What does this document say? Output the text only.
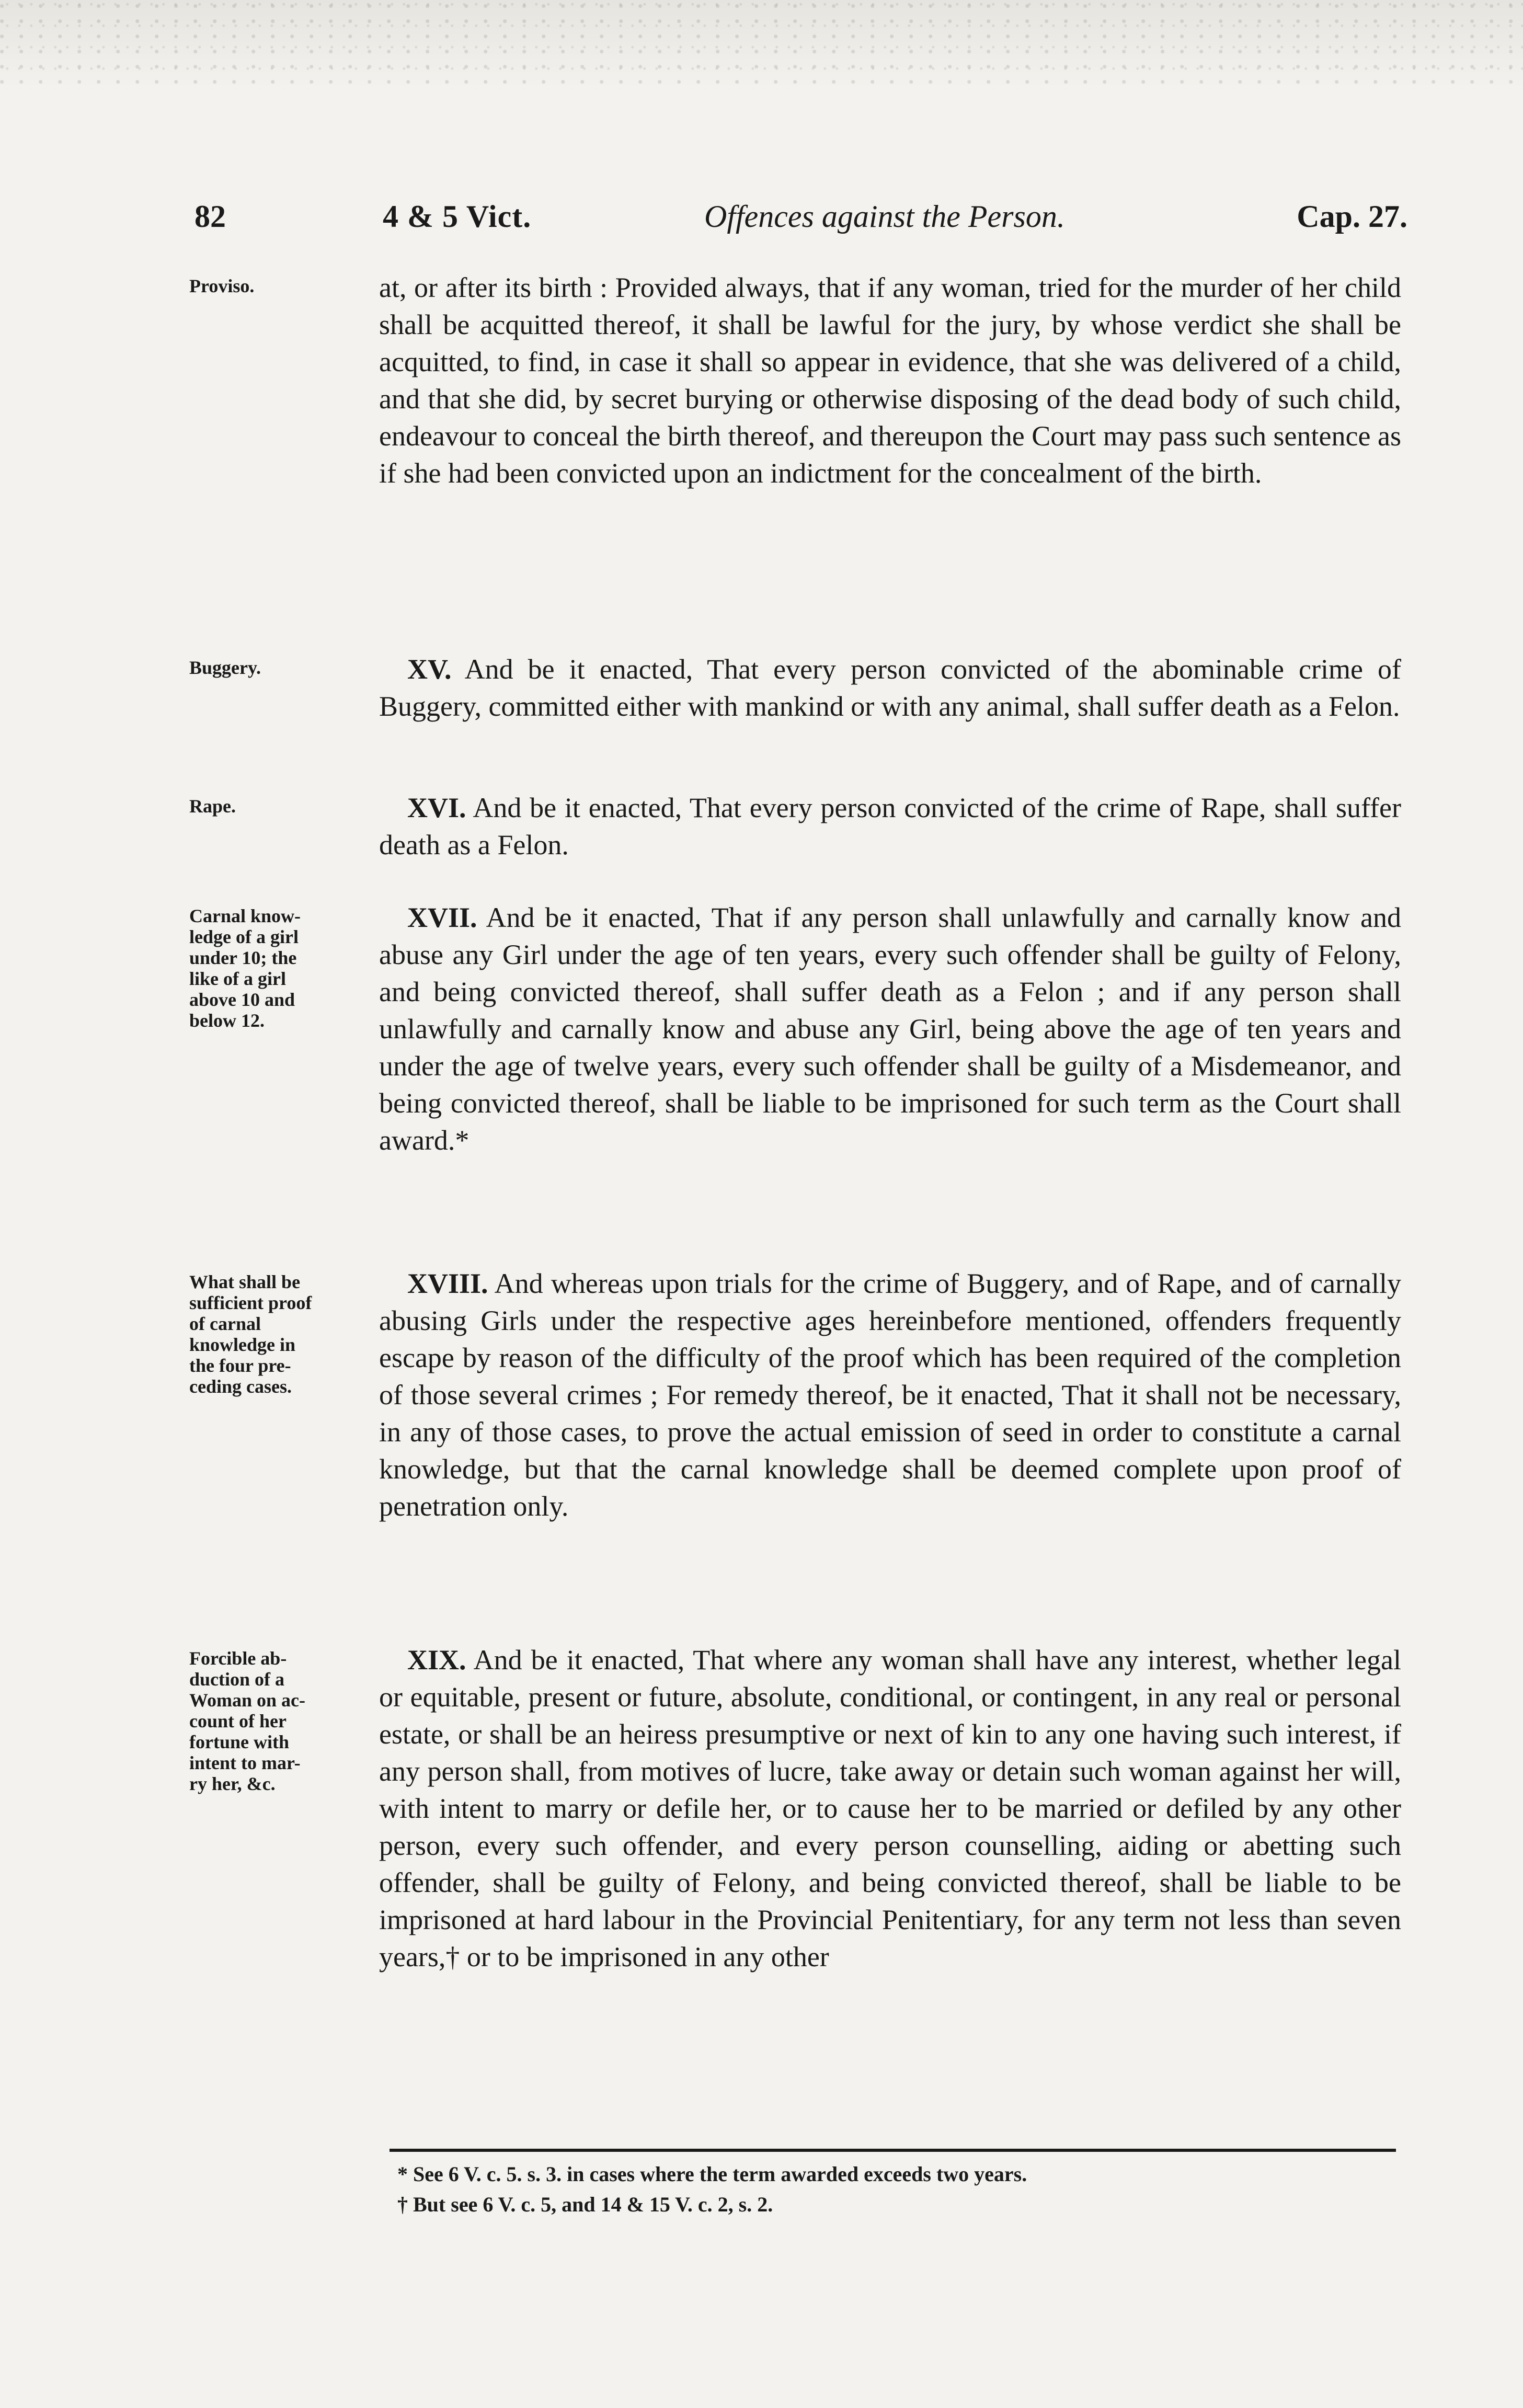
82	4 & 5 Vict.	Offences against the Person.	Cap. 27.
Proviso.	at, or after its birth : Provided always, that if any woman, tried for the murder of her child shall be acquitted thereof, it shall be lawful for the jury, by whose verdict she shall be acquitted, to find, in case it shall so appear in evidence, that she was delivered of a child, and that she did, by secret burying or otherwise disposing of the dead body of such child, endeavour to conceal the birth thereof, and thereupon the Court may pass such sentence as if she had been convicted upon an indictment for the concealment of the birth.

Buggery.

 	XV. And be it enacted, That every person convicted of the abominable crime of Buggery, committed either with mankind or with any animal, shall suffer death as a Felon.

Rape.

 	XVI. And be it enacted, That every person convicted of the crime of Rape, shall suffer death as a Felon.

Carnal know-
ledge of a girl
under 10; the
like of a girl
above 10 and
below 12.

 XVII. And be it enacted, That if any person shall unlawfully and carnally know and abuse any Girl under the age of ten years, every such offender shall be guilty of Felony, and being convicted thereof, shall suffer death as a Felon ; and if any person shall unlawfully and carnally know and abuse any Girl, being above the age of ten years and under the age of twelve years, every such offender shall be guilty of a Misdemeanor, and being convicted thereof, shall be liable to be imprisoned for such term as the Court shall award.*

What shall be
sufficient proof
of carnal
knowledge in
the four pre-
ceding cases.

 XVIII. And whereas upon trials for the crime of Buggery, and of Rape, and of carnally abusing Girls under the respective ages hereinbefore mentioned, offenders frequently escape by reason of the difficulty of the proof which has been required of the completion of those several crimes ; For remedy thereof, be it enacted, That it shall not be necessary, in any of those cases, to prove the actual emission of seed in order to constitute a carnal knowledge, but that the carnal knowledge shall be deemed complete upon proof of penetration only.

Forcible ab-
duction of a
Woman on ac-
count of her
fortune with
intent to mar-
ry her, &c.

 XIX. And be it enacted, That where any woman shall have any interest, whether legal or equitable, present or future, absolute, conditional, or contingent, in any real or personal estate, or shall be an heiress presumptive or next of kin to any one having such interest, if any person shall, from motives of lucre, take away or detain such woman against her will, with intent to marry or defile her, or to cause her to be married or defiled by any other person, every such offender, and every person counselling, aiding or abetting such offender, shall be guilty of Felony, and being convicted thereof, shall be liable to be imprisoned at hard labour in the Provincial Penitentiary, for any term not less than seven years,† or to be imprisoned in any other

* See 6 V. c. 5. s. 3. in cases where the term awarded exceeds two years.
† But see 6 V. c. 5, and 14 & 15 V. c. 2, s. 2.
